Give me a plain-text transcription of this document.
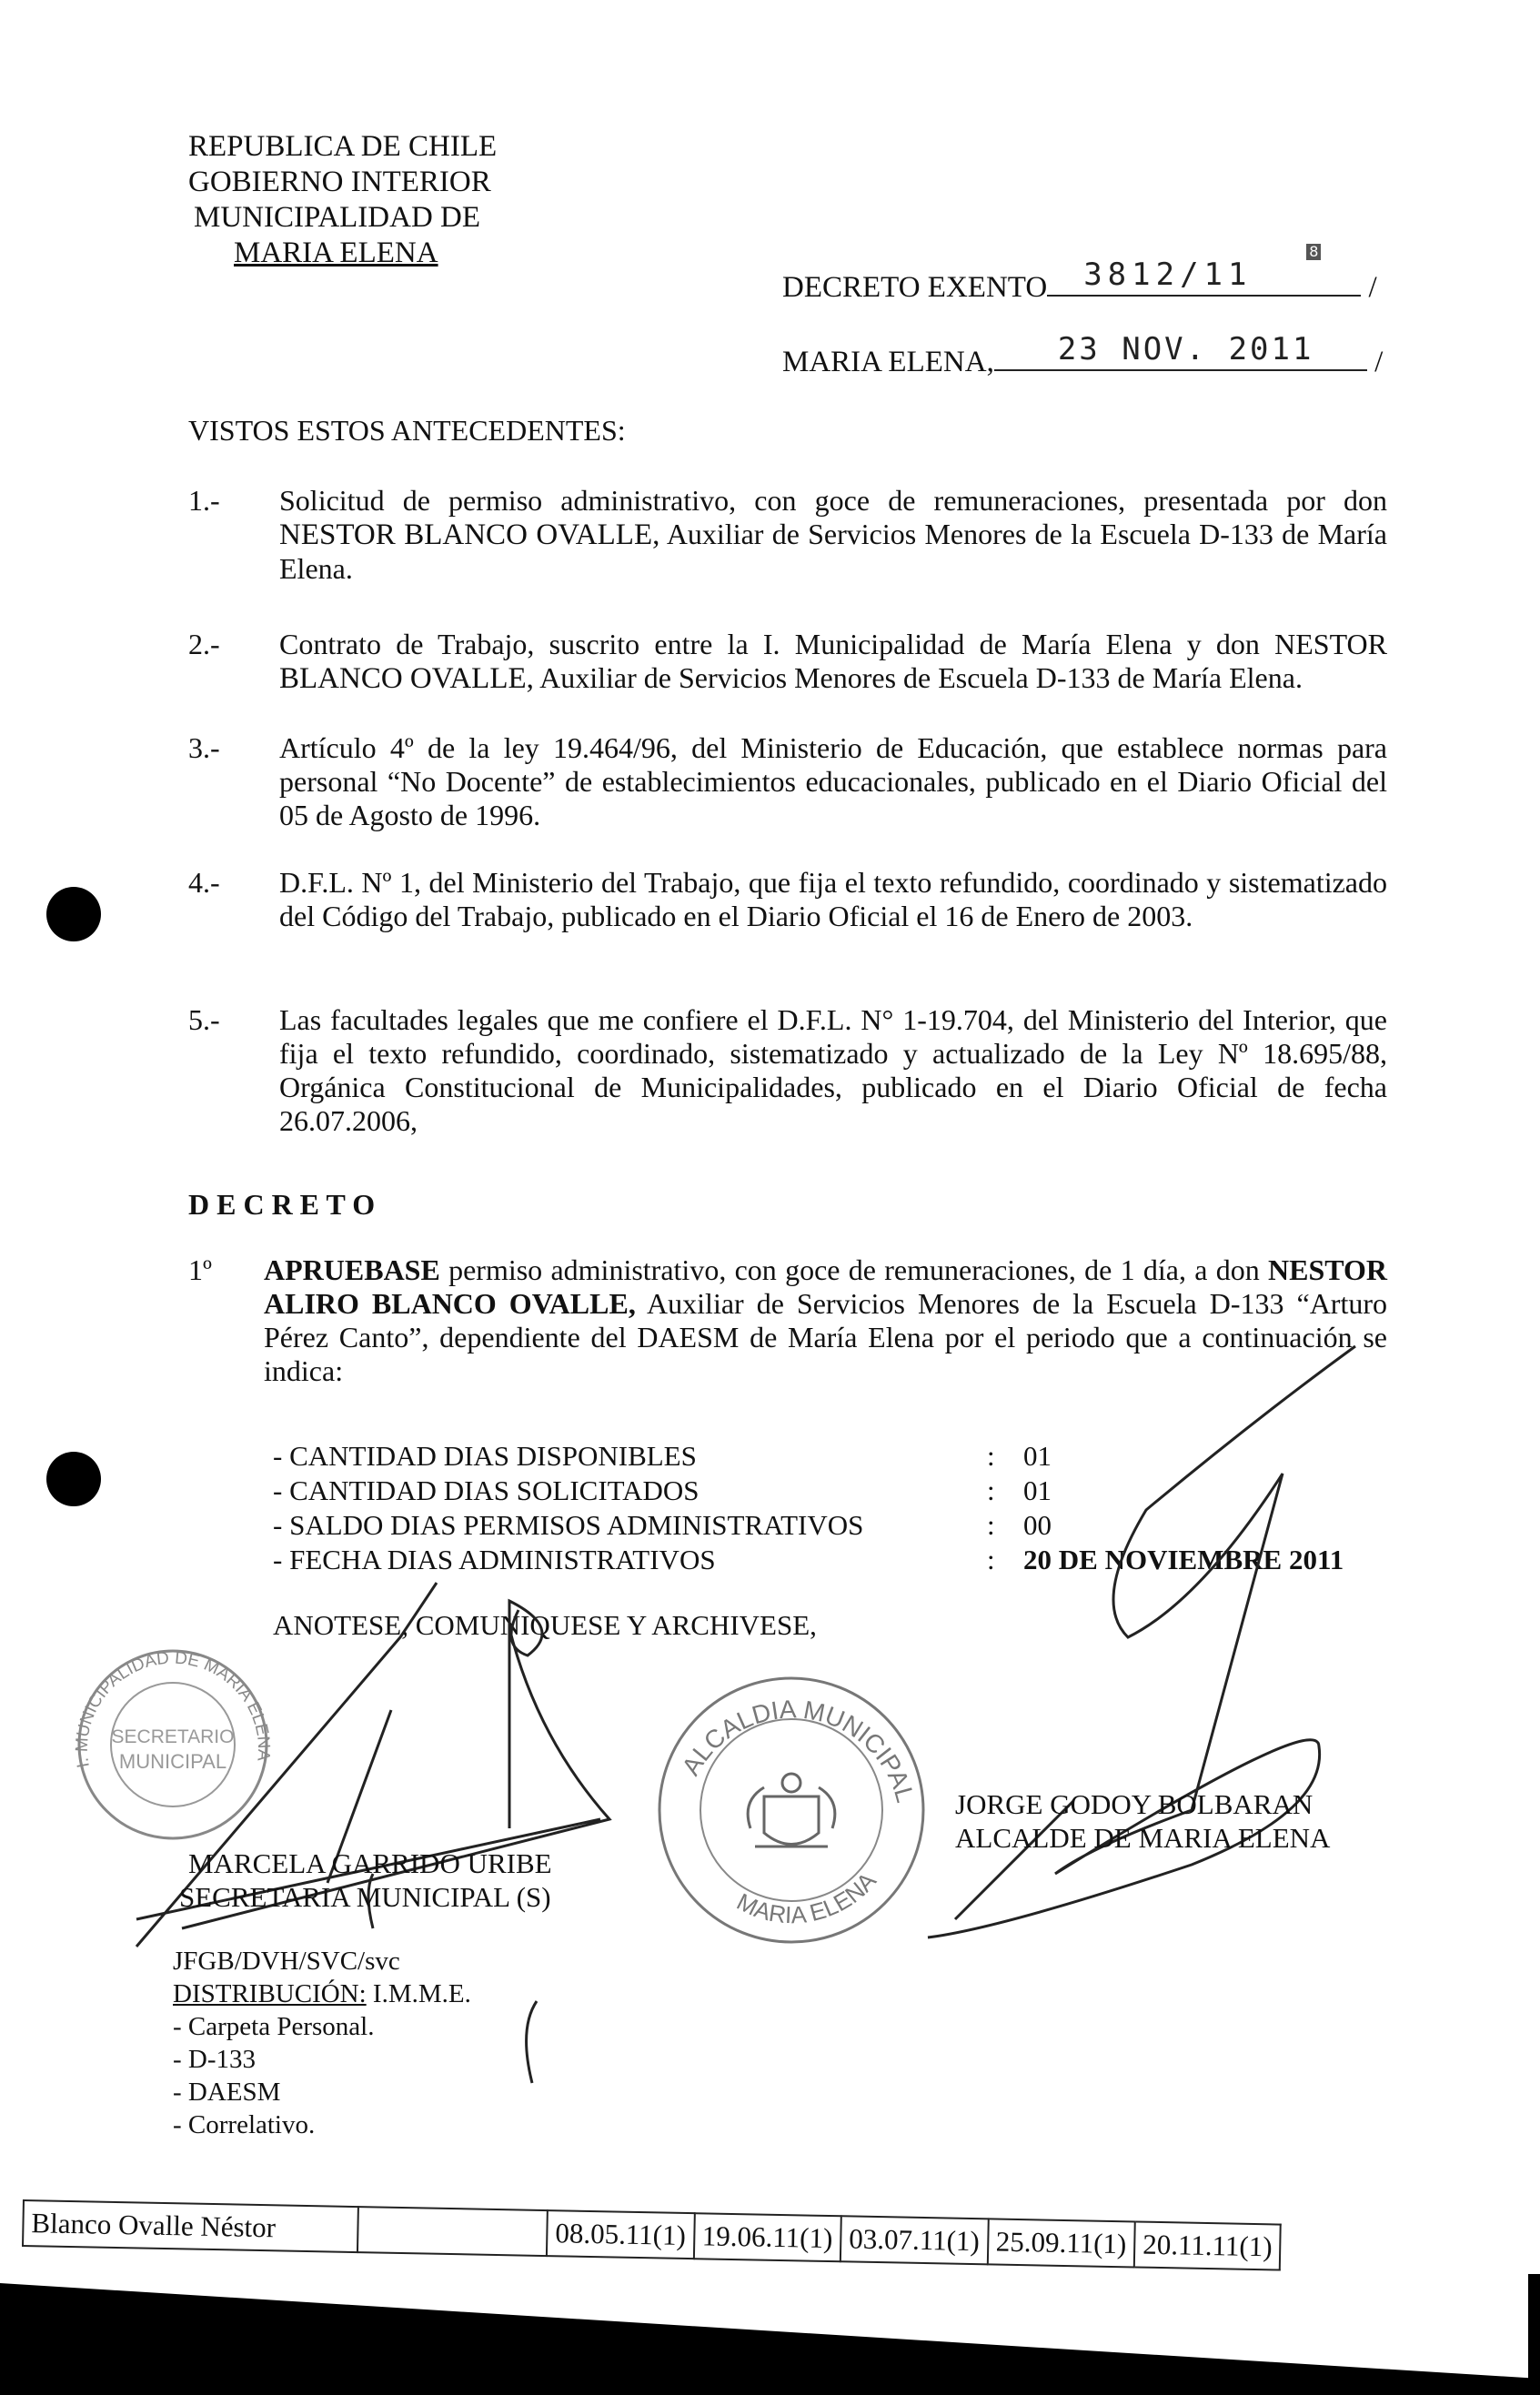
REPUBLICA DE CHILE
GOBIERNO INTERIOR
MUNICIPALIDAD DE
MARIA ELENA
DECRETO EXENTO 3812/11
8
/
MARIA ELENA, 23 NOV. 2011 /
VISTOS ESTOS ANTECEDENTES:
1.- Solicitud de permiso administrativo, con goce de remuneraciones, presentada por don NESTOR BLANCO OVALLE, Auxiliar de Servicios Menores de la Escuela D-133 de María Elena.
2.- Contrato de Trabajo, suscrito entre la I. Municipalidad de María Elena y don NESTOR BLANCO OVALLE, Auxiliar de Servicios Menores de Escuela D-133 de María Elena.
3.- Artículo 4º de la ley 19.464/96, del Ministerio de Educación, que establece normas para personal “No Docente” de establecimientos educacionales, publicado en el Diario Oficial del 05 de Agosto de 1996.
4.- D.F.L. Nº 1, del Ministerio del Trabajo, que fija el texto refundido, coordinado y sistematizado del Código del Trabajo, publicado en el Diario Oficial el 16 de Enero de 2003.
5.- Las facultades legales que me confiere el D.F.L. N° 1-19.704, del Ministerio del Interior, que fija el texto refundido, coordinado, sistematizado y actualizado de la Ley Nº 18.695/88, Orgánica Constitucional de Municipalidades, publicado en el Diario Oficial de fecha 26.07.2006,
D E C R E T O
1º APRUEBASE permiso administrativo, con goce de remuneraciones, de 1 día, a don NESTOR ALIRO BLANCO OVALLE, Auxiliar de Servicios Menores de la Escuela D-133 “Arturo Pérez Canto”, dependiente del DAESM de María Elena por el periodo que a continuación se indica:
- CANTIDAD DIAS DISPONIBLES	: 01
- CANTIDAD DIAS SOLICITADOS	: 01
- SALDO DIAS PERMISOS ADMINISTRATIVOS	: 00
- FECHA DIAS ADMINISTRATIVOS	: 20 DE NOVIEMBRE 2011
ANOTESE, COMUNIQUESE Y ARCHIVESE,
I. MUNICIPALIDAD DE MARIA ELENA
SECRETARIO
MUNICIPAL	ALCALDIA MUNICIPAL
MARIA ELENA
MARCELA GARRIDO URIBE
SECRETARIA MUNICIPAL (S)
JORGE GODOY BOLBARAN
ALCALDE DE MARIA ELENA
JFGB/DVH/SVC/svc
DISTRIBUCIÓN: I.M.M.E.
- Carpeta Personal.
- D-133
- DAESM
- Correlativo.
Blanco Ovalle Néstor		08.05.11(1)	19.06.11(1)	03.07.11(1)	25.09.11(1)	20.11.11(1)
